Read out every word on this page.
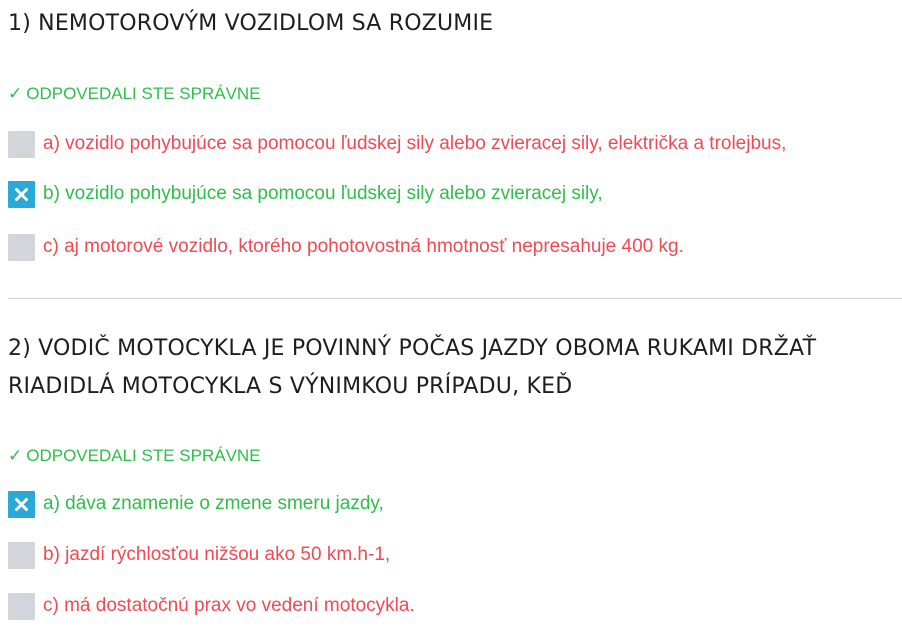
1) NEMOTOROVÝM VOZIDLOM SA ROZUMIE
✓ ODPOVEDALI STE SPRÁVNE
a) vozidlo pohybujúce sa pomocou ľudskej sily alebo zvieracej sily, električka a trolejbus,
b) vozidlo pohybujúce sa pomocou ľudskej sily alebo zvieracej sily,
c) aj motorové vozidlo, ktorého pohotovostná hmotnosť nepresahuje 400 kg.
2) VODIČ MOTOCYKLA JE POVINNÝ POČAS JAZDY OBOMA RUKAMI DRŽAŤ RIADIDLÁ MOTOCYKLA S VÝNIMKOU PRÍPADU, KEĎ
✓ ODPOVEDALI STE SPRÁVNE
a) dáva znamenie o zmene smeru jazdy,
b) jazdí rýchlosťou nižšou ako 50 km.h-1,
c) má dostatočnú prax vo vedení motocykla.
